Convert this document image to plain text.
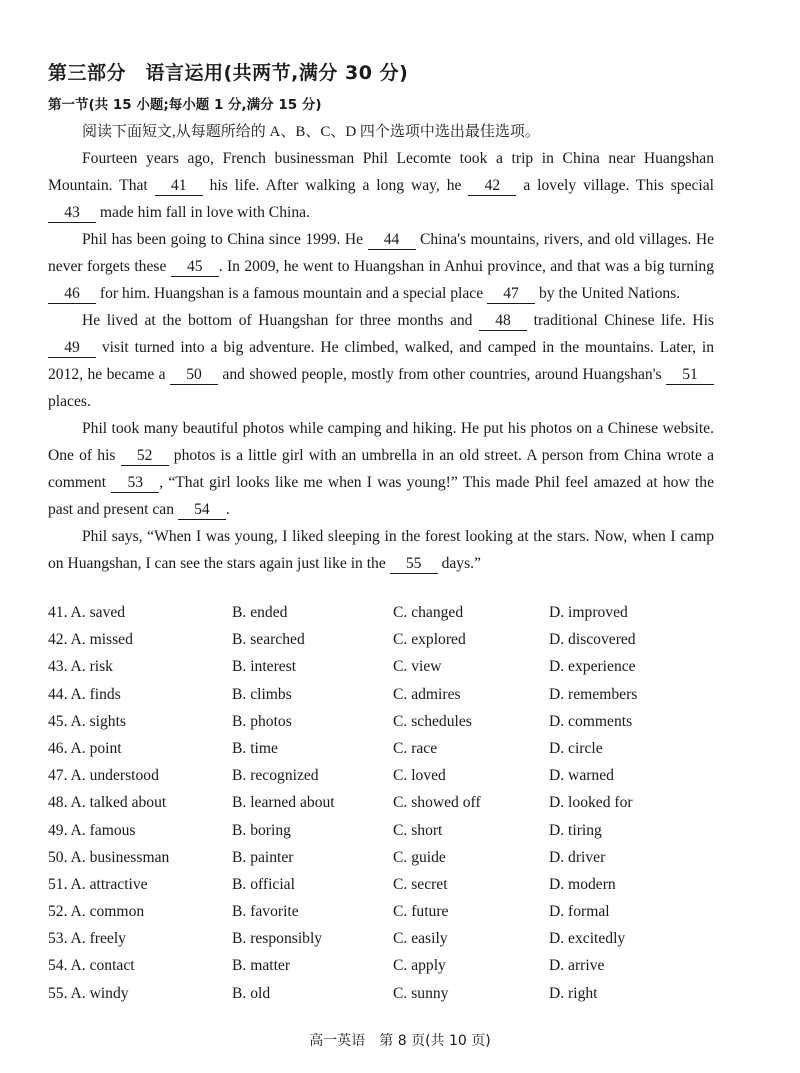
第三部分　语言运用(共两节,满分 30 分)
第一节(共 15 小题;每小题 1 分,满分 15 分)
阅读下面短文,从每题所给的 A、B、C、D 四个选项中选出最佳选项。

Fourteen years ago, French businessman Phil Lecomte took a trip in China near Huangshan Mountain. That 41 his life. After walking a long way, he 42 a lovely village. This special 43 made him fall in love with China.

Phil has been going to China since 1999. He 44 China's mountains, rivers, and old villages. He never forgets these 45 . In 2009, he went to Huangshan in Anhui province, and that was a big turning 46 for him. Huangshan is a famous mountain and a special place 47 by the United Nations.

He lived at the bottom of Huangshan for three months and 48 traditional Chinese life. His 49 visit turned into a big adventure. He climbed, walked, and camped in the mountains. Later, in 2012, he became a 50 and showed people, mostly from other countries, around Huangshan's 51 places.

Phil took many beautiful photos while camping and hiking. He put his photos on a Chinese website. One of his 52 photos is a little girl with an umbrella in an old street. A person from China wrote a comment 53 , “That girl looks like me when I was young!” This made Phil feel amazed at how the past and present can 54 .

Phil says, “When I was young, I liked sleeping in the forest looking at the stars. Now, when I camp on Huangshan, I can see the stars again just like in the 55 days.”

41. A. saved	B. ended	C. changed	D. improved
42. A. missed	B. searched	C. explored	D. discovered
43. A. risk	B. interest	C. view	D. experience
44. A. finds	B. climbs	C. admires	D. remembers
45. A. sights	B. photos	C. schedules	D. comments
46. A. point	B. time	C. race	D. circle
47. A. understood	B. recognized	C. loved	D. warned
48. A. talked about	B. learned about	C. showed off	D. looked for
49. A. famous	B. boring	C. short	D. tiring
50. A. businessman	B. painter	C. guide	D. driver
51. A. attractive	B. official	C. secret	D. modern
52. A. common	B. favorite	C. future	D. formal
53. A. freely	B. responsibly	C. easily	D. excitedly
54. A. contact	B. matter	C. apply	D. arrive
55. A. windy	B. old	C. sunny	D. right
高一英语　第 8 页(共 10 页)
